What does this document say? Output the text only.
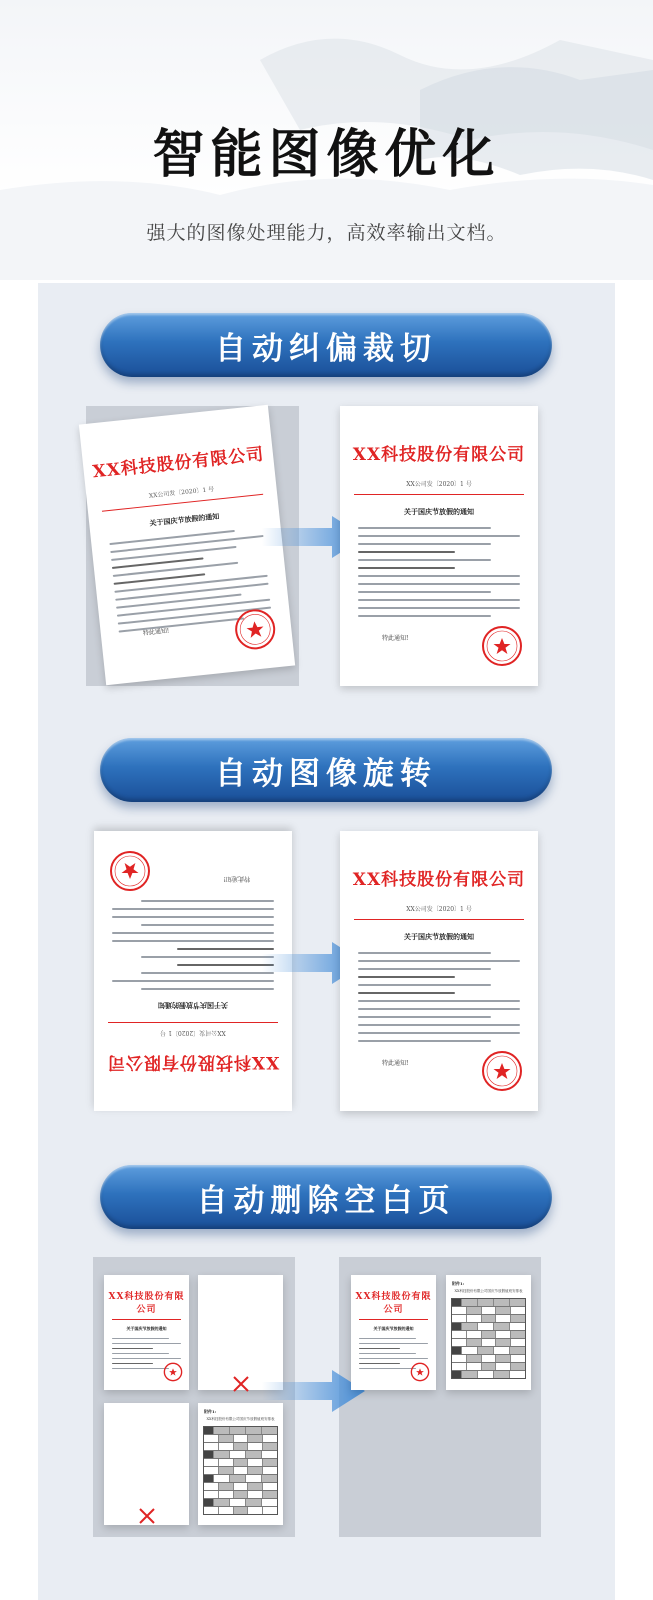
智能图像优化
强大的图像处理能力，高效率输出文档。
自动纠偏裁切
XX科技股份有限公司
XX公司发〔2020〕1 号
关于国庆节放假的通知
特此通知!
XX科技股份有限公司
XX公司发〔2020〕1 号
关于国庆节放假的通知
特此通知!
自动图像旋转
XX科技股份有限公司
XX公司发〔2020〕1 号
关于国庆节放假的通知
特此通知!	XX科技股份有限公司
XX公司发〔2020〕1 号
关于国庆节放假的通知
特此通知!
自动删除空白页
XX科技股份有限公司
关于国庆节放假的通知
附件1:
XX科技股份有限公司国庆节放假值班安排表
XX科技股份有限公司
关于国庆节放假的通知
附件1:
XX科技股份有限公司国庆节放假值班安排表
